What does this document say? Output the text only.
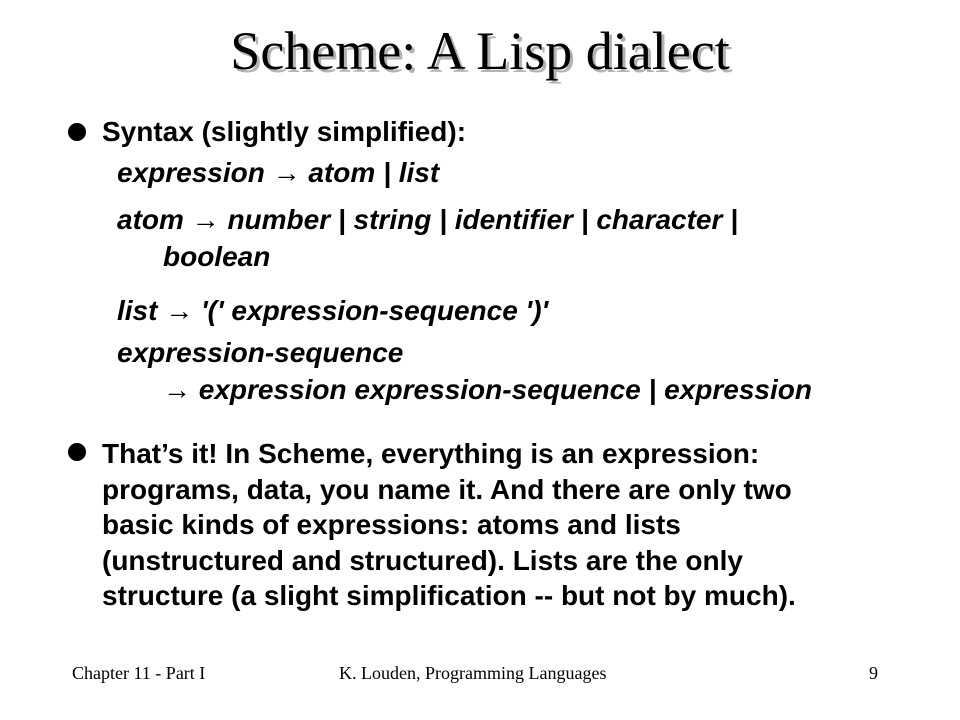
Scheme: A Lisp dialect
Syntax (slightly simplified):
expression → atom | list
atom → number | string | identifier | character |
boolean
list → '(' expression-sequence ')'
expression-sequence
→ expression expression-sequence | expression
That’s it! In Scheme, everything is an expression:
programs, data, you name it. And there are only two
basic kinds of expressions: atoms and lists
(unstructured and structured). Lists are the only
structure (a slight simplification -- but not by much).
Chapter 11 - Part I	K. Louden, Programming Languages	9
